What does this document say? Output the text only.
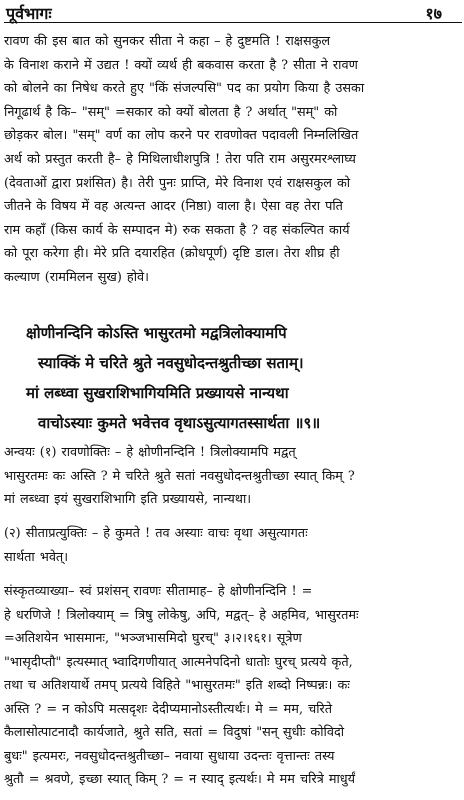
पूर्वभागः	१७
रावण की इस बात को सुनकर सीता ने कहा – हे दुष्टमति ! राक्षसकुल
के विनाश कराने में उद्यत ! क्यों व्यर्थ ही बकवास करता है ? सीता ने रावण
को बोलने का निषेध करते हुए "किं संजल्पसि" पद का प्रयोग किया है उसका
निगूढार्थ है कि– "सम्" =सकार को क्यों बोलता है ? अर्थात् "सम्" को
छोड़कर बोल। "सम्" वर्ण का लोप करने पर रावणोक्त पदावली निम्नलिखित
अर्थ को प्रस्तुत करती है– हे मिथिलाधीशपुत्रि ! तेरा पति राम असुरमरश्लाघ्य
(देवताओं द्वारा प्रशंसित) है। तेरी पुनः प्राप्ति, मेरे विनाश एवं राक्षसकुल को
जीतने के विषय में वह अत्यन्त आदर (निष्ठा) वाला है। ऐसा वह तेरा पति
राम कहाँ (किस कार्य के सम्पादन मे) रुक सकता है ? वह संकल्पित कार्य
को पूरा करेगा ही। मेरे प्रति दयारहित (क्रोधपूर्ण) दृष्टि डाल। तेरा शीघ्र ही
कल्याण (राममिलन सुख) होवे।
क्षोणीनन्दिनि कोऽस्ति भासुरतमो मद्वत्रिलोक्यामपि
स्याक्किं मे चरिते श्रुते नवसुधोदन्तश्रुतीच्छा सताम्।
मां लब्ध्वा सुखराशिभागियमिति प्रख्यायसे नान्यथा
वाचोऽस्याः कुमते भवेत्तव वृथाऽसुत्यागतस्सार्थता ॥९॥
अन्वयः (१) रावणोक्तिः – हे क्षोणीनन्दिनि ! त्रिलोक्यामपि मद्वत्
भासुरतमः कः अस्ति ? मे चरिते श्रुते सतां नवसुधोदन्तश्रुतीच्छा स्यात् किम् ?
मां लब्ध्वा इयं सुखराशिभागि इति प्रख्यायसे, नान्यथा।
(२) सीताप्रत्युक्तिः – हे कुमते ! तव अस्याः वाचः वृथा असुत्यागतः
सार्थता भवेत्।
संस्कृतव्याख्या– स्वं प्रशंसन् रावणः सीतामाह– हे क्षोणीनन्दिनि ! =
हे धरणिजे ! त्रिलोक्याम् = त्रिषु लोकेषु, अपि, मद्वत्– हे अहमिव, भासुरतमः
=अतिशयेन भासमानः, "भञ्जभासमिदो घुरच्" ३।२।१६१। सूत्रेण
"भासृदीप्तौ" इत्यस्मात् भ्वादिगणीयात् आत्मनेपदिनो धातोः घुरच् प्रत्यये कृते,
तथा च अतिशयार्थे तमप् प्रत्यये विहिते "भासुरतमः" इति शब्दो निष्पन्नः। कः
अस्ति ? = न कोऽपि मत्सदृशः देदीप्यमानोऽस्तीत्यर्थः। मे = मम, चरिते
कैलासोत्पाटनादौ कार्यजाते, श्रुते सति, सतां = विदुषां "सन् सुधीः कोविदो
बुधः" इत्यमरः, नवसुधोदन्तश्रुतीच्छा– नवाया सुधाया उदन्तः वृत्तान्तः तस्य
श्रुतौ = श्रवणे, इच्छा स्यात् किम् ? = न स्याद् इत्यर्थः। मे मम चरित्रे माधुर्यं
